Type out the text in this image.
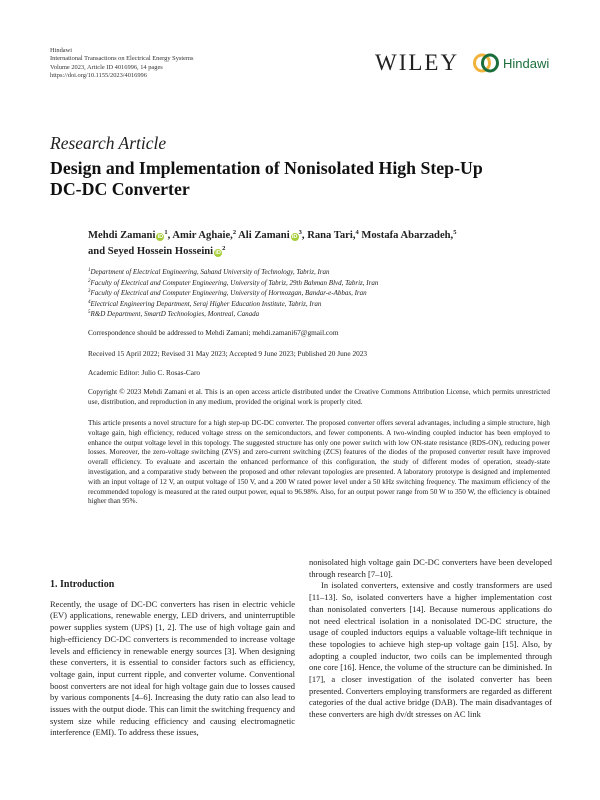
Hindawi
International Transactions on Electrical Energy Systems
Volume 2023, Article ID 4016996, 14 pages
https://doi.org/10.1155/2023/4016996
WILEY	Hindawi
Research Article
Design and Implementation of Nonisolated High Step-Up
DC-DC Converter
Mehdi Zamani $iD^1$, Amir Aghaie,$^2$ Ali Zamani $iD^3$, Rana Tari,$^4$ Mostafa Abarzadeh,$^5$
and Seyed Hossein Hosseini $iD^2$
$^1$Department of Electrical Engineering, Sahand University of Technology, Tabriz, Iran
$^2$Faculty of Electrical and Computer Engineering, University of Tabriz, 29th Bahman Blvd, Tabriz, Iran
$^3$Faculty of Electrical and Computer Engineering, University of Hormozgan, Bandar-e-Abbas, Iran
$^4$Electrical Engineering Department, Seraj Higher Education Institute, Tabriz, Iran
$^5$R&D Department, SmartD Technologies, Montreal, Canada
Correspondence should be addressed to Mehdi Zamani; mehdi.zamani67@gmail.com
Received 15 April 2022; Revised 31 May 2023; Accepted 9 June 2023; Published 20 June 2023
Academic Editor: Julio C. Rosas-Caro
Copyright © 2023 Mehdi Zamani et al. This is an open access article distributed under the Creative Commons Attribution License, which permits unrestricted use, distribution, and reproduction in any medium, provided the original work is properly cited.
This article presents a novel structure for a high step-up DC-DC converter. The proposed converter offers several advantages, including a simple structure, high voltage gain, high efficiency, reduced voltage stress on the semiconductors, and fewer components. A two-winding coupled inductor has been employed to enhance the output voltage level in this topology. The suggested structure has only one power switch with low ON-state resistance (RDS-ON), reducing power losses. Moreover, the zero-voltage switching (ZVS) and zero-current switching (ZCS) features of the diodes of the proposed converter result have improved overall efficiency. To evaluate and ascertain the enhanced performance of this configuration, the study of different modes of operation, steady-state investigation, and a comparative study between the proposed and other relevant topologies are presented. A laboratory prototype is designed and implemented with an input voltage of 12 V, an output voltage of 150 V, and a 200 W rated power level under a 50 kHz switching frequency. The maximum efficiency of the recommended topology is measured at the rated output power, equal to 96.98%. Also, for an output power range from 50 W to 350 W, the efficiency is obtained higher than 95%.
1. Introduction
Recently, the usage of DC-DC converters has risen in electric vehicle (EV) applications, renewable energy, LED drivers, and uninterruptible power supplies system (UPS) [1, 2]. The use of high voltage gain and high-efficiency DC-DC converters is recommended to increase voltage levels and efficiency in renewable energy sources [3]. When designing these converters, it is essential to consider factors such as efficiency, voltage gain, input current ripple, and converter volume. Conventional boost converters are not ideal for high voltage gain due to losses caused by various components [4–6]. Increasing the duty ratio can also lead to issues with the output diode. This can limit the switching frequency and system size while reducing efficiency and causing electromagnetic interference (EMI). To address these issues,
nonisolated high voltage gain DC-DC converters have been developed through research [7–10].
In isolated converters, extensive and costly transformers are used [11–13]. So, isolated converters have a higher implementation cost than nonisolated converters [14]. Because numerous applications do not need electrical isolation in a nonisolated DC-DC structure, the usage of coupled inductors equips a valuable voltage-lift technique in these topologies to achieve high step-up voltage gain [15]. Also, by adopting a coupled inductor, two coils can be implemented through one core [16]. Hence, the volume of the structure can be diminished. In [17], a closer investigation of the isolated converter has been presented. Converters employing transformers are regarded as different categories of the dual active bridge (DAB). The main disadvantages of these converters are high dv/dt stresses on AC link
